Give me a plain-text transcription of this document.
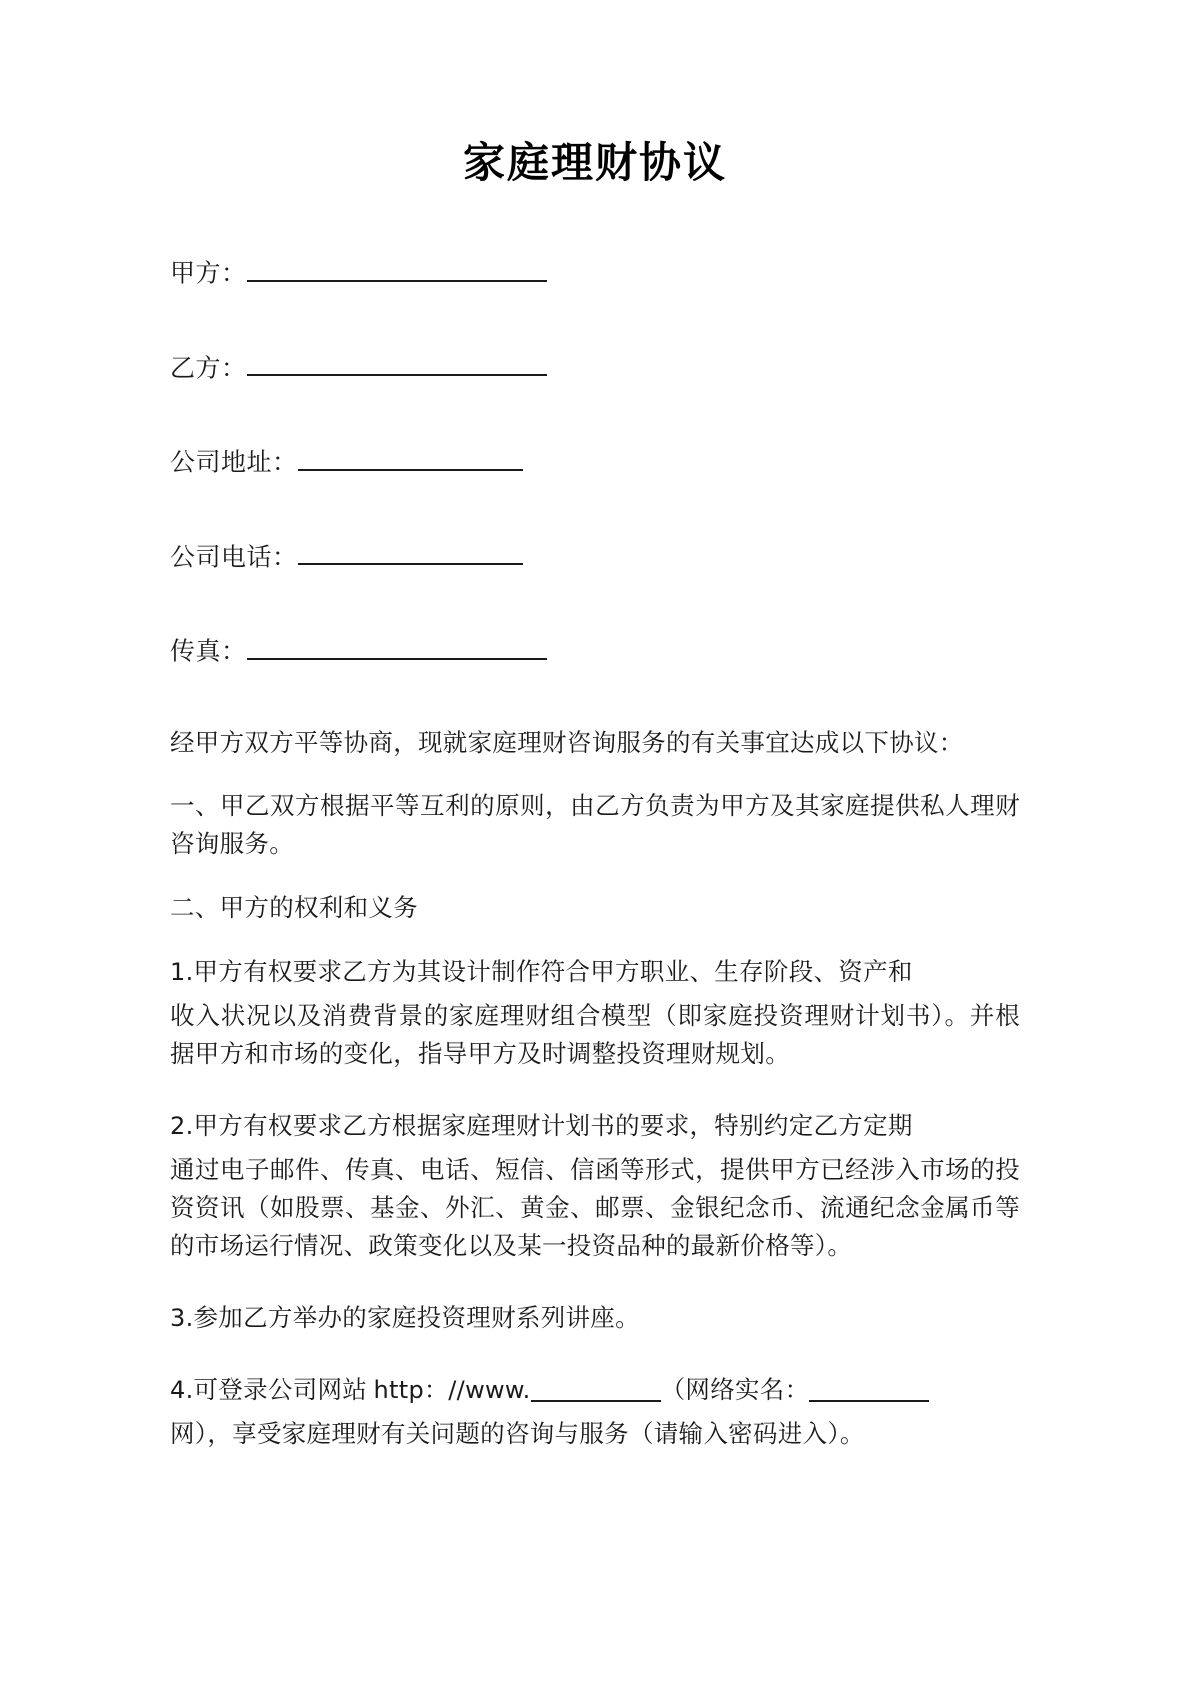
家庭理财协议
甲方：
乙方：
公司地址：
公司电话：
传真：

经甲方双方平等协商，现就家庭理财咨询服务的有关事宜达成以下协议：

一、甲乙双方根据平等互利的原则，由乙方负责为甲方及其家庭提供私人理财咨询服务。

二、甲方的权利和义务

1.甲方有权要求乙方为其设计制作符合甲方职业、生存阶段、资产和

收入状况以及消费背景的家庭理财组合模型（即家庭投资理财计划书）。并根据甲方和市场的变化，指导甲方及时调整投资理财规划。

2.甲方有权要求乙方根据家庭理财计划书的要求，特别约定乙方定期

通过电子邮件、传真、电话、短信、信函等形式，提供甲方已经涉入市场的投资资讯（如股票、基金、外汇、黄金、邮票、金银纪念币、流通纪念金属币等的市场运行情况、政策变化以及某一投资品种的最新价格等）。

3.参加乙方举办的家庭投资理财系列讲座。

4.可登录公司网站 http：//www.	（网络实名：

网），享受家庭理财有关问题的咨询与服务（请输入密码进入）。
